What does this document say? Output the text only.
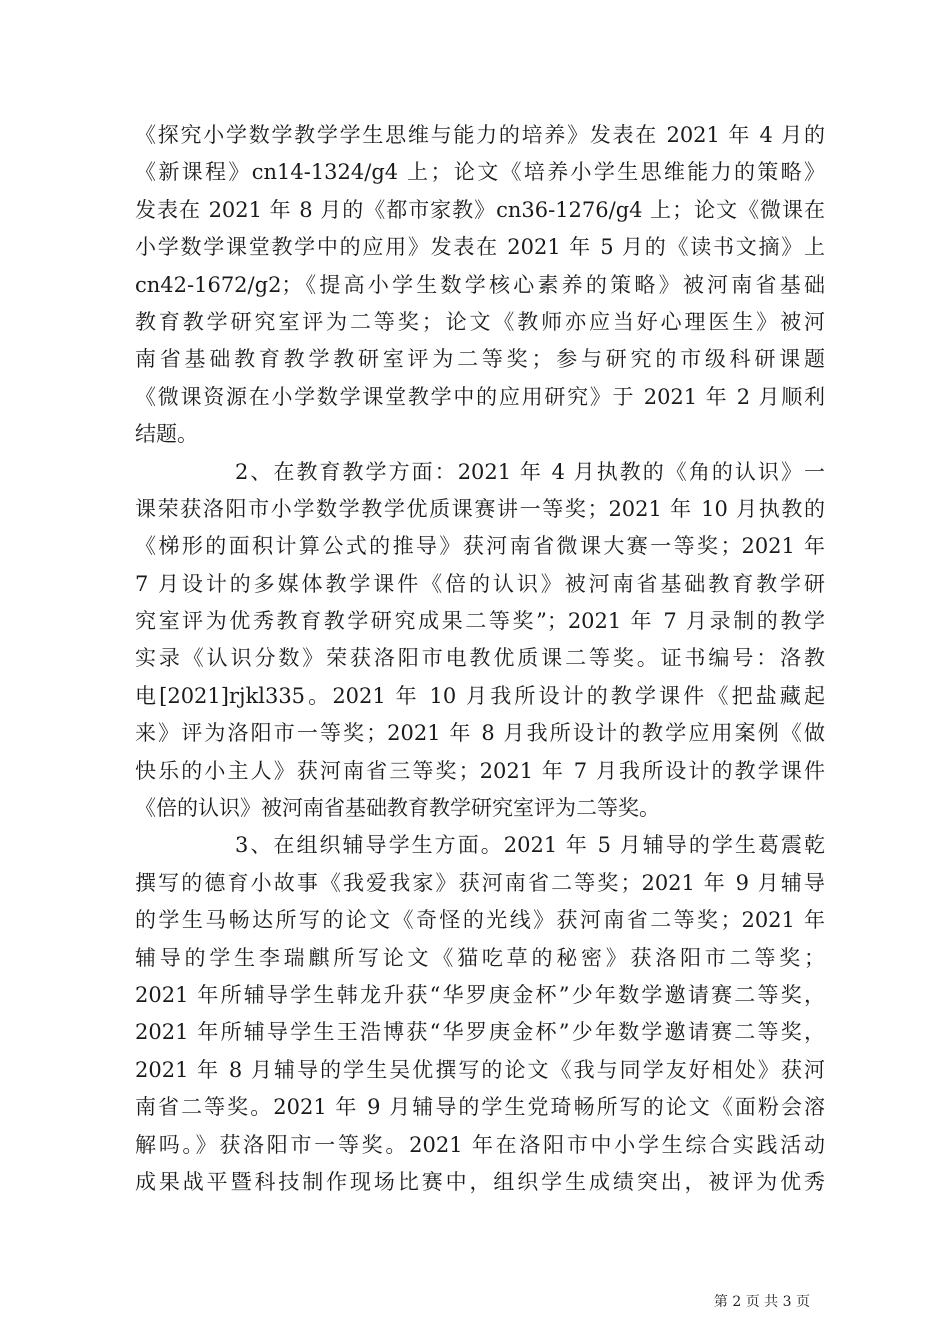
《探究小学数学教学学生思维与能力的培养》发表在 2021 年 4 月的
《新课程》cn14-1324/g4 上；论文《培养小学生思维能力的策略》
发表在 2021 年 8 月的《都市家教》cn36-1276/g4 上；论文《微课在
小学数学课堂教学中的应用》发表在 2021 年 5 月的《读书文摘》上
cn42-1672/g2；《提高小学生数学核心素养的策略》被河南省基础
教育教学研究室评为二等奖；论文《教师亦应当好心理医生》被河
南省基础教育教学教研室评为二等奖；参与研究的市级科研课题
《微课资源在小学数学课堂教学中的应用研究》于 2021 年 2 月顺利
结题。
2、在教育教学方面：2021 年 4 月执教的《角的认识》一
课荣获洛阳市小学数学教学优质课赛讲一等奖；2021 年 10 月执教的
《梯形的面积计算公式的推导》获河南省微课大赛一等奖；2021 年
7 月设计的多媒体教学课件《倍的认识》被河南省基础教育教学研
究室评为优秀教育教学研究成果二等奖”；2021 年 7 月录制的教学
实录《认识分数》荣获洛阳市电教优质课二等奖。证书编号：洛教
电[2021]rjkl335。2021 年 10 月我所设计的教学课件《把盐藏起
来》评为洛阳市一等奖；2021 年 8 月我所设计的教学应用案例《做
快乐的小主人》获河南省三等奖；2021 年 7 月我所设计的教学课件
《倍的认识》被河南省基础教育教学研究室评为二等奖。
3、在组织辅导学生方面。2021 年 5 月辅导的学生葛震乾
撰写的德育小故事《我爱我家》获河南省二等奖；2021 年 9 月辅导
的学生马畅达所写的论文《奇怪的光线》获河南省二等奖；2021 年
辅导的学生李瑞麒所写论文《猫吃草的秘密》获洛阳市二等奖；
2021 年所辅导学生韩龙升获“华罗庚金杯”少年数学邀请赛二等奖，
2021 年所辅导学生王浩博获“华罗庚金杯”少年数学邀请赛二等奖，
2021 年 8 月辅导的学生吴优撰写的论文《我与同学友好相处》获河
南省二等奖。2021 年 9 月辅导的学生党琦畅所写的论文《面粉会溶
解吗。》获洛阳市一等奖。2021 年在洛阳市中小学生综合实践活动
成果战平暨科技制作现场比赛中，组织学生成绩突出，被评为优秀
第 2 页 共 3 页
